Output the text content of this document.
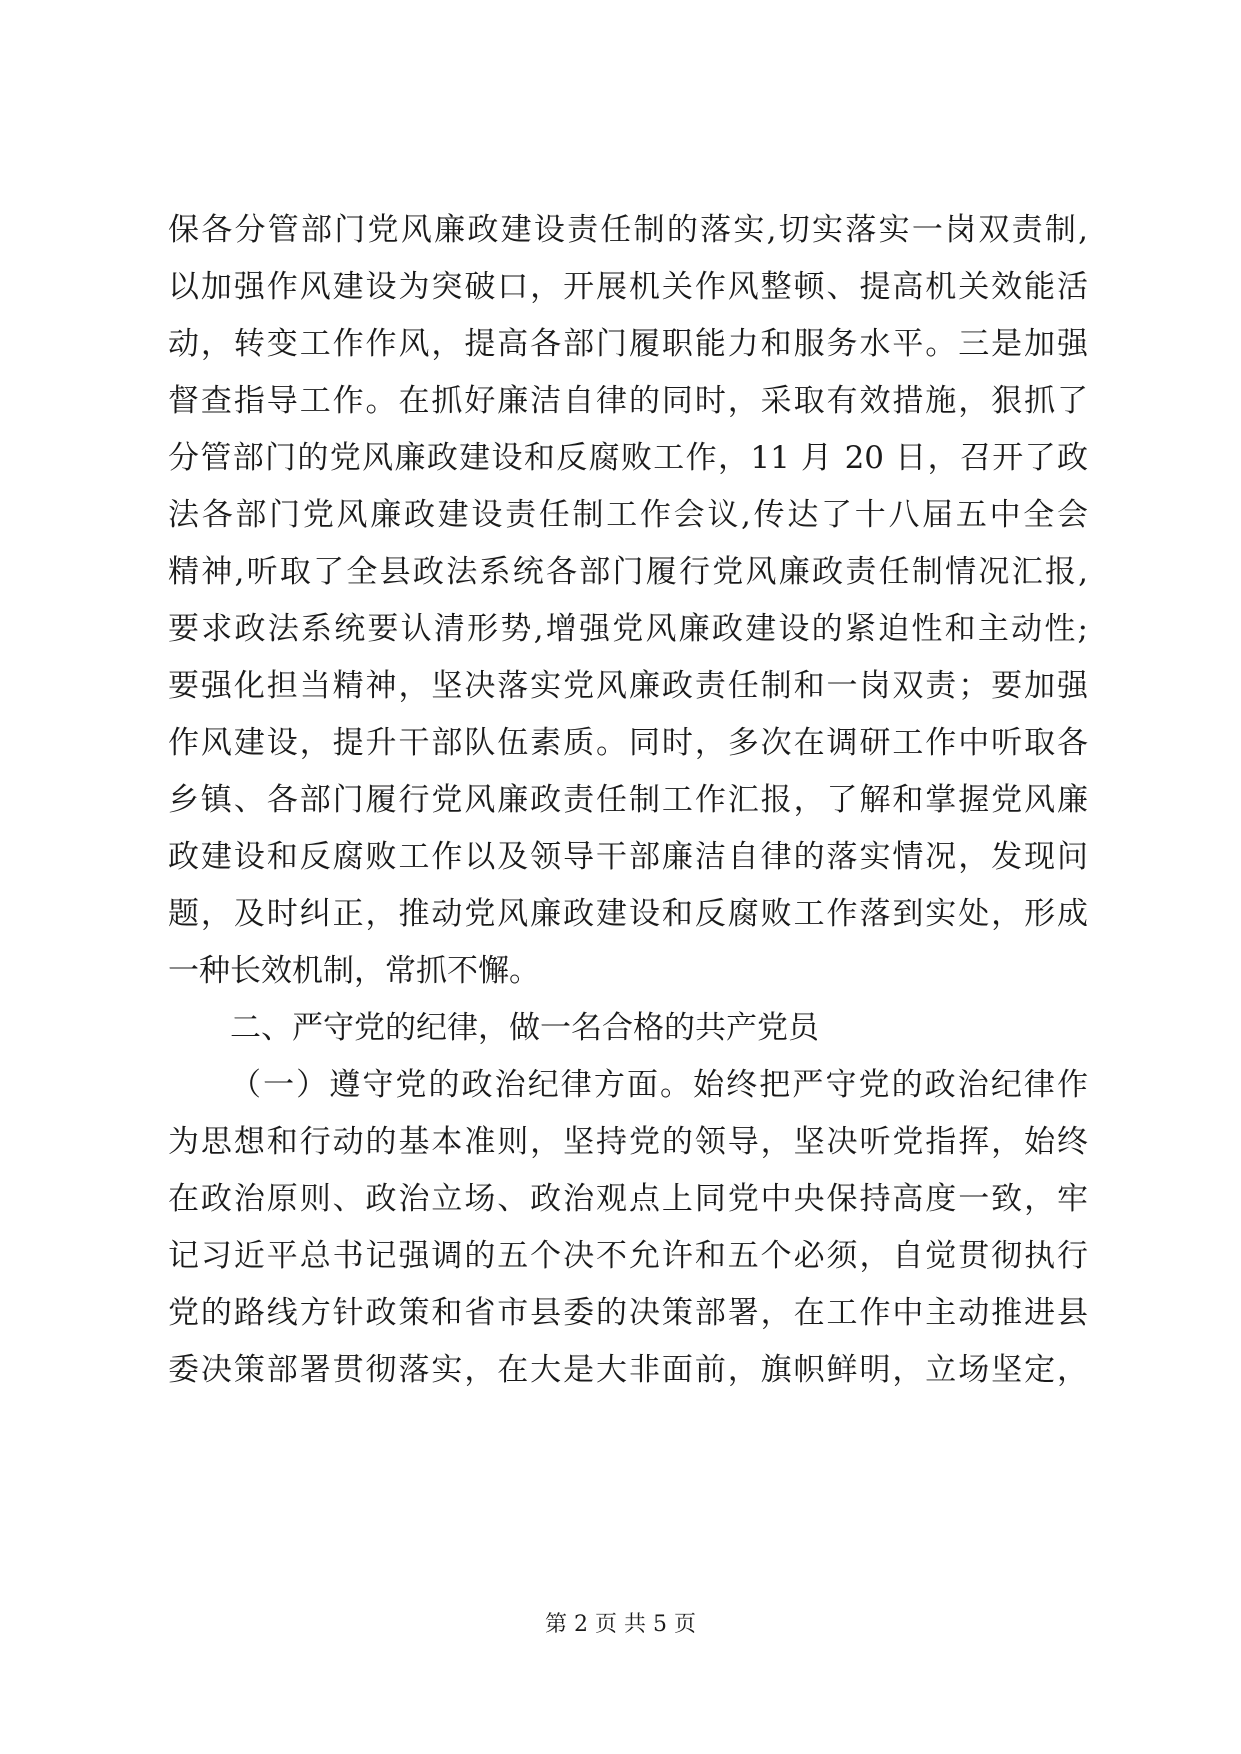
保各分管部门党风廉政建设责任制的落实,切实落实一岗双责制,
以加强作风建设为突破口，开展机关作风整顿、提高机关效能活
动，转变工作作风，提高各部门履职能力和服务水平。三是加强
督查指导工作。在抓好廉洁自律的同时，采取有效措施，狠抓了
分管部门的党风廉政建设和反腐败工作，11 月 20 日，召开了政
法各部门党风廉政建设责任制工作会议,传达了十八届五中全会
精神,听取了全县政法系统各部门履行党风廉政责任制情况汇报,
要求政法系统要认清形势,增强党风廉政建设的紧迫性和主动性;
要强化担当精神，坚决落实党风廉政责任制和一岗双责；要加强
作风建设，提升干部队伍素质。同时，多次在调研工作中听取各
乡镇、各部门履行党风廉政责任制工作汇报，了解和掌握党风廉
政建设和反腐败工作以及领导干部廉洁自律的落实情况，发现问
题，及时纠正，推动党风廉政建设和反腐败工作落到实处，形成
一种长效机制，常抓不懈。
二、严守党的纪律，做一名合格的共产党员
（一）遵守党的政治纪律方面。始终把严守党的政治纪律作
为思想和行动的基本准则，坚持党的领导，坚决听党指挥，始终
在政治原则、政治立场、政治观点上同党中央保持高度一致，牢
记习近平总书记强调的五个决不允许和五个必须，自觉贯彻执行
党的路线方针政策和省市县委的决策部署，在工作中主动推进县
委决策部署贯彻落实，在大是大非面前，旗帜鲜明，立场坚定，
第 2 页 共 5 页
